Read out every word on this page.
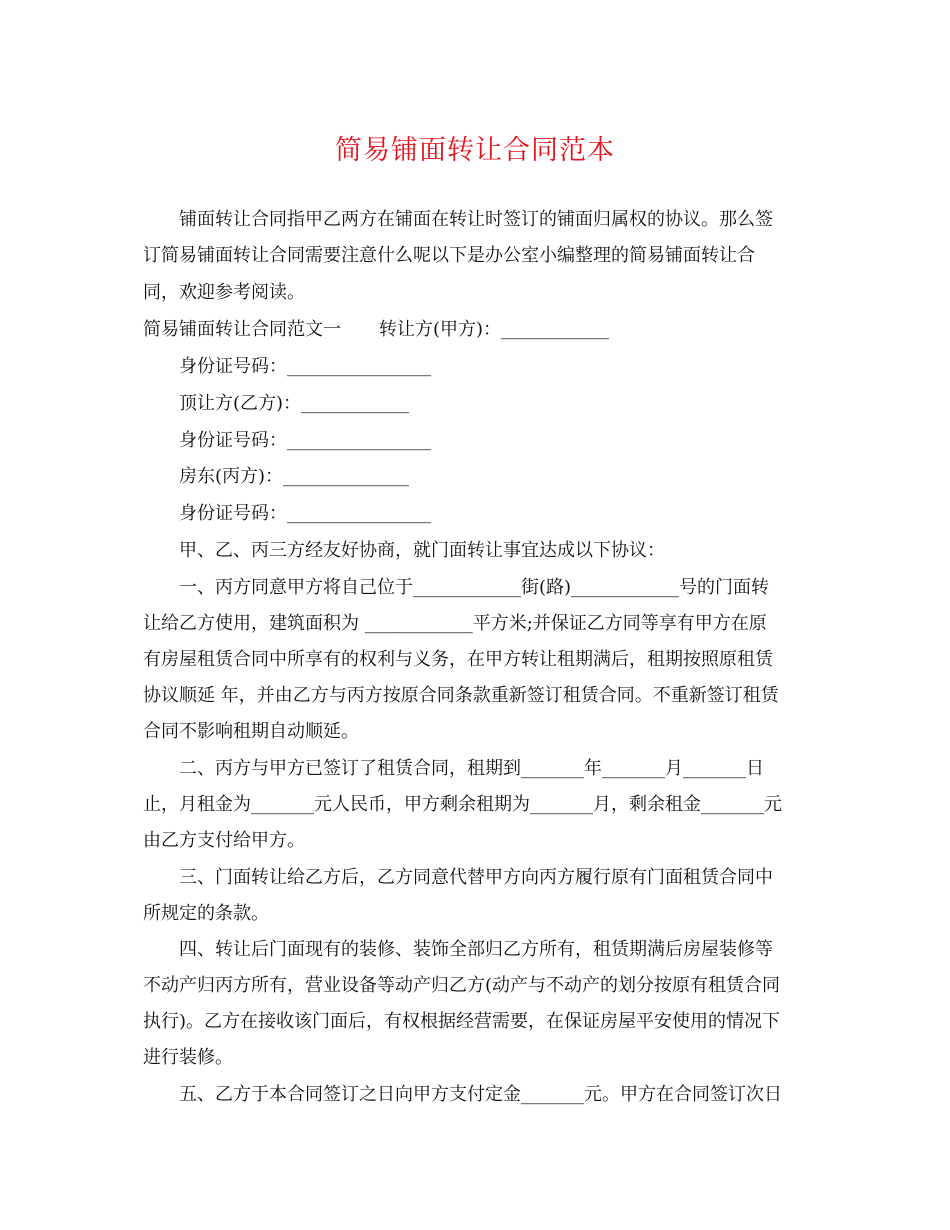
简易铺面转让合同范本
铺面转让合同指甲乙两方在铺面在转让时签订的铺面归属权的协议。那么签
订简易铺面转让合同需要注意什么呢以下是办公室小编整理的简易铺面转让合
同，欢迎参考阅读。
简易铺面转让合同范文一 转让方(甲方)：____________
身份证号码：________________
顶让方(乙方)：____________
身份证号码：________________
房东(丙方)：______________
身份证号码：________________
甲、乙、丙三方经友好协商，就门面转让事宜达成以下协议：
一、丙方同意甲方将自己位于____________街(路)____________号的门面转
让给乙方使用，建筑面积为 ____________平方米;并保证乙方同等享有甲方在原
有房屋租赁合同中所享有的权利与义务，在甲方转让租期满后，租期按照原租赁
协议顺延 年，并由乙方与丙方按原合同条款重新签订租赁合同。不重新签订租赁
合同不影响租期自动顺延。
二、丙方与甲方已签订了租赁合同，租期到_______年_______月_______日
止，月租金为_______元人民币，甲方剩余租期为_______月，剩余租金_______元
由乙方支付给甲方。
三、门面转让给乙方后，乙方同意代替甲方向丙方履行原有门面租赁合同中
所规定的条款。
四、转让后门面现有的装修、装饰全部归乙方所有，租赁期满后房屋装修等
不动产归丙方所有，营业设备等动产归乙方(动产与不动产的划分按原有租赁合同
执行)。乙方在接收该门面后，有权根据经营需要，在保证房屋平安使用的情况下
进行装修。
五、乙方于本合同签订之日向甲方支付定金_______元。甲方在合同签订次日
